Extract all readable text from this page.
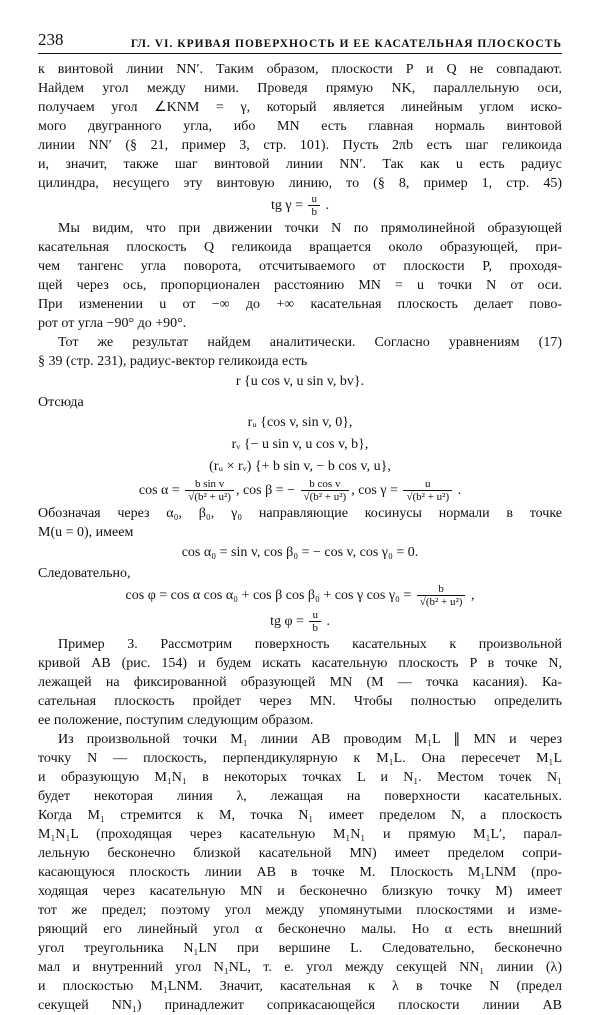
238	ГЛ. VI. КРИВАЯ ПОВЕРХНОСТЬ И ЕЕ КАСАТЕЛЬНАЯ ПЛОСКОСТЬ
к винтовой линии NN′. Таким образом, плоскости P и Q не совпадают.
Найдем угол между ними. Проведя прямую NK, параллельную оси,
получаем угол ∠KNM = γ, который является линейным углом иско-
мого двугранного угла, ибо MN есть главная нормаль винтовой
линии NN′ (§ 21, пример 3, стр. 101). Пусть 2πb есть шаг геликоида
и, значит, также шаг винтовой линии NN′. Так как u есть радиус
цилиндра, несущего эту винтовую линию, то (§ 8, пример 1, стр. 45)
tg $\gamma = \frac{u}{b}$ .
Мы видим, что при движении точки N по прямолинейной образующей
касательная плоскость Q геликоида вращается около образующей, при-
чем тангенс угла поворота, отсчитываемого от плоскости P, проходя-
щей через ось, пропорционален расстоянию MN = u точки N от оси.
При изменении u от −∞ до +∞ касательная плоскость делает пово-
рот от угла −90° до +90°.
Тот же результат найдем аналитически. Согласно уравнениям (17)
§ 39 (стр. 231), радиус-вектор геликоида есть
r {u cos v, u sin v, bv}.
Отсюда
rᵤ {cos v, sin v, 0},
rᵥ {− u sin v, u cos v, b},
(rᵤ × rᵥ) {+ b sin v, − b cos v, u},
$\cos \alpha = \frac{\text{b sin v}}{\text{√(b² + u²)}}$ , cos β = − $\frac{\text{b cos v}}{\text{√(b² + u²)}}$ , $\cos \gamma = \frac{u}{\text{√(b² + u²)}}$ .
Обозначая через α₀, β₀, γ₀ направляющие косинусы нормали в точке
M(u = 0), имеем
cos α₀ = sin v, cos β₀ = − cos v, cos γ₀ = 0.
Следовательно,
cos φ = cos α cos α₀ + cos β cos β₀ + cos γ $\cos \gamma_0 = \frac{b}{\text{√(b² + u²)}}$ ,
tg $\varphi = \frac{u}{b}$ .
Пример 3. Рассмотрим поверхность касательных к произвольной
кривой AB (рис. 154) и будем искать касательную плоскость P в точке N,
лежащей на фиксированной образующей MN (M — точка касания). Ка-
сательная плоскость пройдет через MN. Чтобы полностью определить
ее положение, поступим следующим образом.
Из произвольной точки M₁ линии AB проводим M₁L ∥ MN и через
точку N — плоскость, перпендикулярную к M₁L. Она пересечет M₁L
и образующую M₁N₁ в некоторых точках L и N₁. Местом точек N₁
будет некоторая линия λ, лежащая на поверхности касательных.
Когда M₁ стремится к M, точка N₁ имеет пределом N, а плоскость
M₁N₁L (проходящая через касательную M₁N₁ и прямую M₁L′, парал-
лельную бесконечно близкой касательной MN) имеет пределом сопри-
касающуюся плоскость линии AB в точке M. Плоскость M₁LNM (про-
ходящая через касательную MN и бесконечно близкую точку M) имеет
тот же предел; поэтому угол между упомянутыми плоскостями и изме-
ряющий его линейный угол α бесконечно малы. Но α есть внешний
угол треугольника N₁LN при вершине L. Следовательно, бесконечно
мал и внутренний угол N₁NL, т. е. угол между секущей NN₁ линии (λ)
и плоскостью M₁LNM. Значит, касательная к λ в точке N (предел
секущей NN₁) принадлежит соприкасающейся плоскости линии AB
